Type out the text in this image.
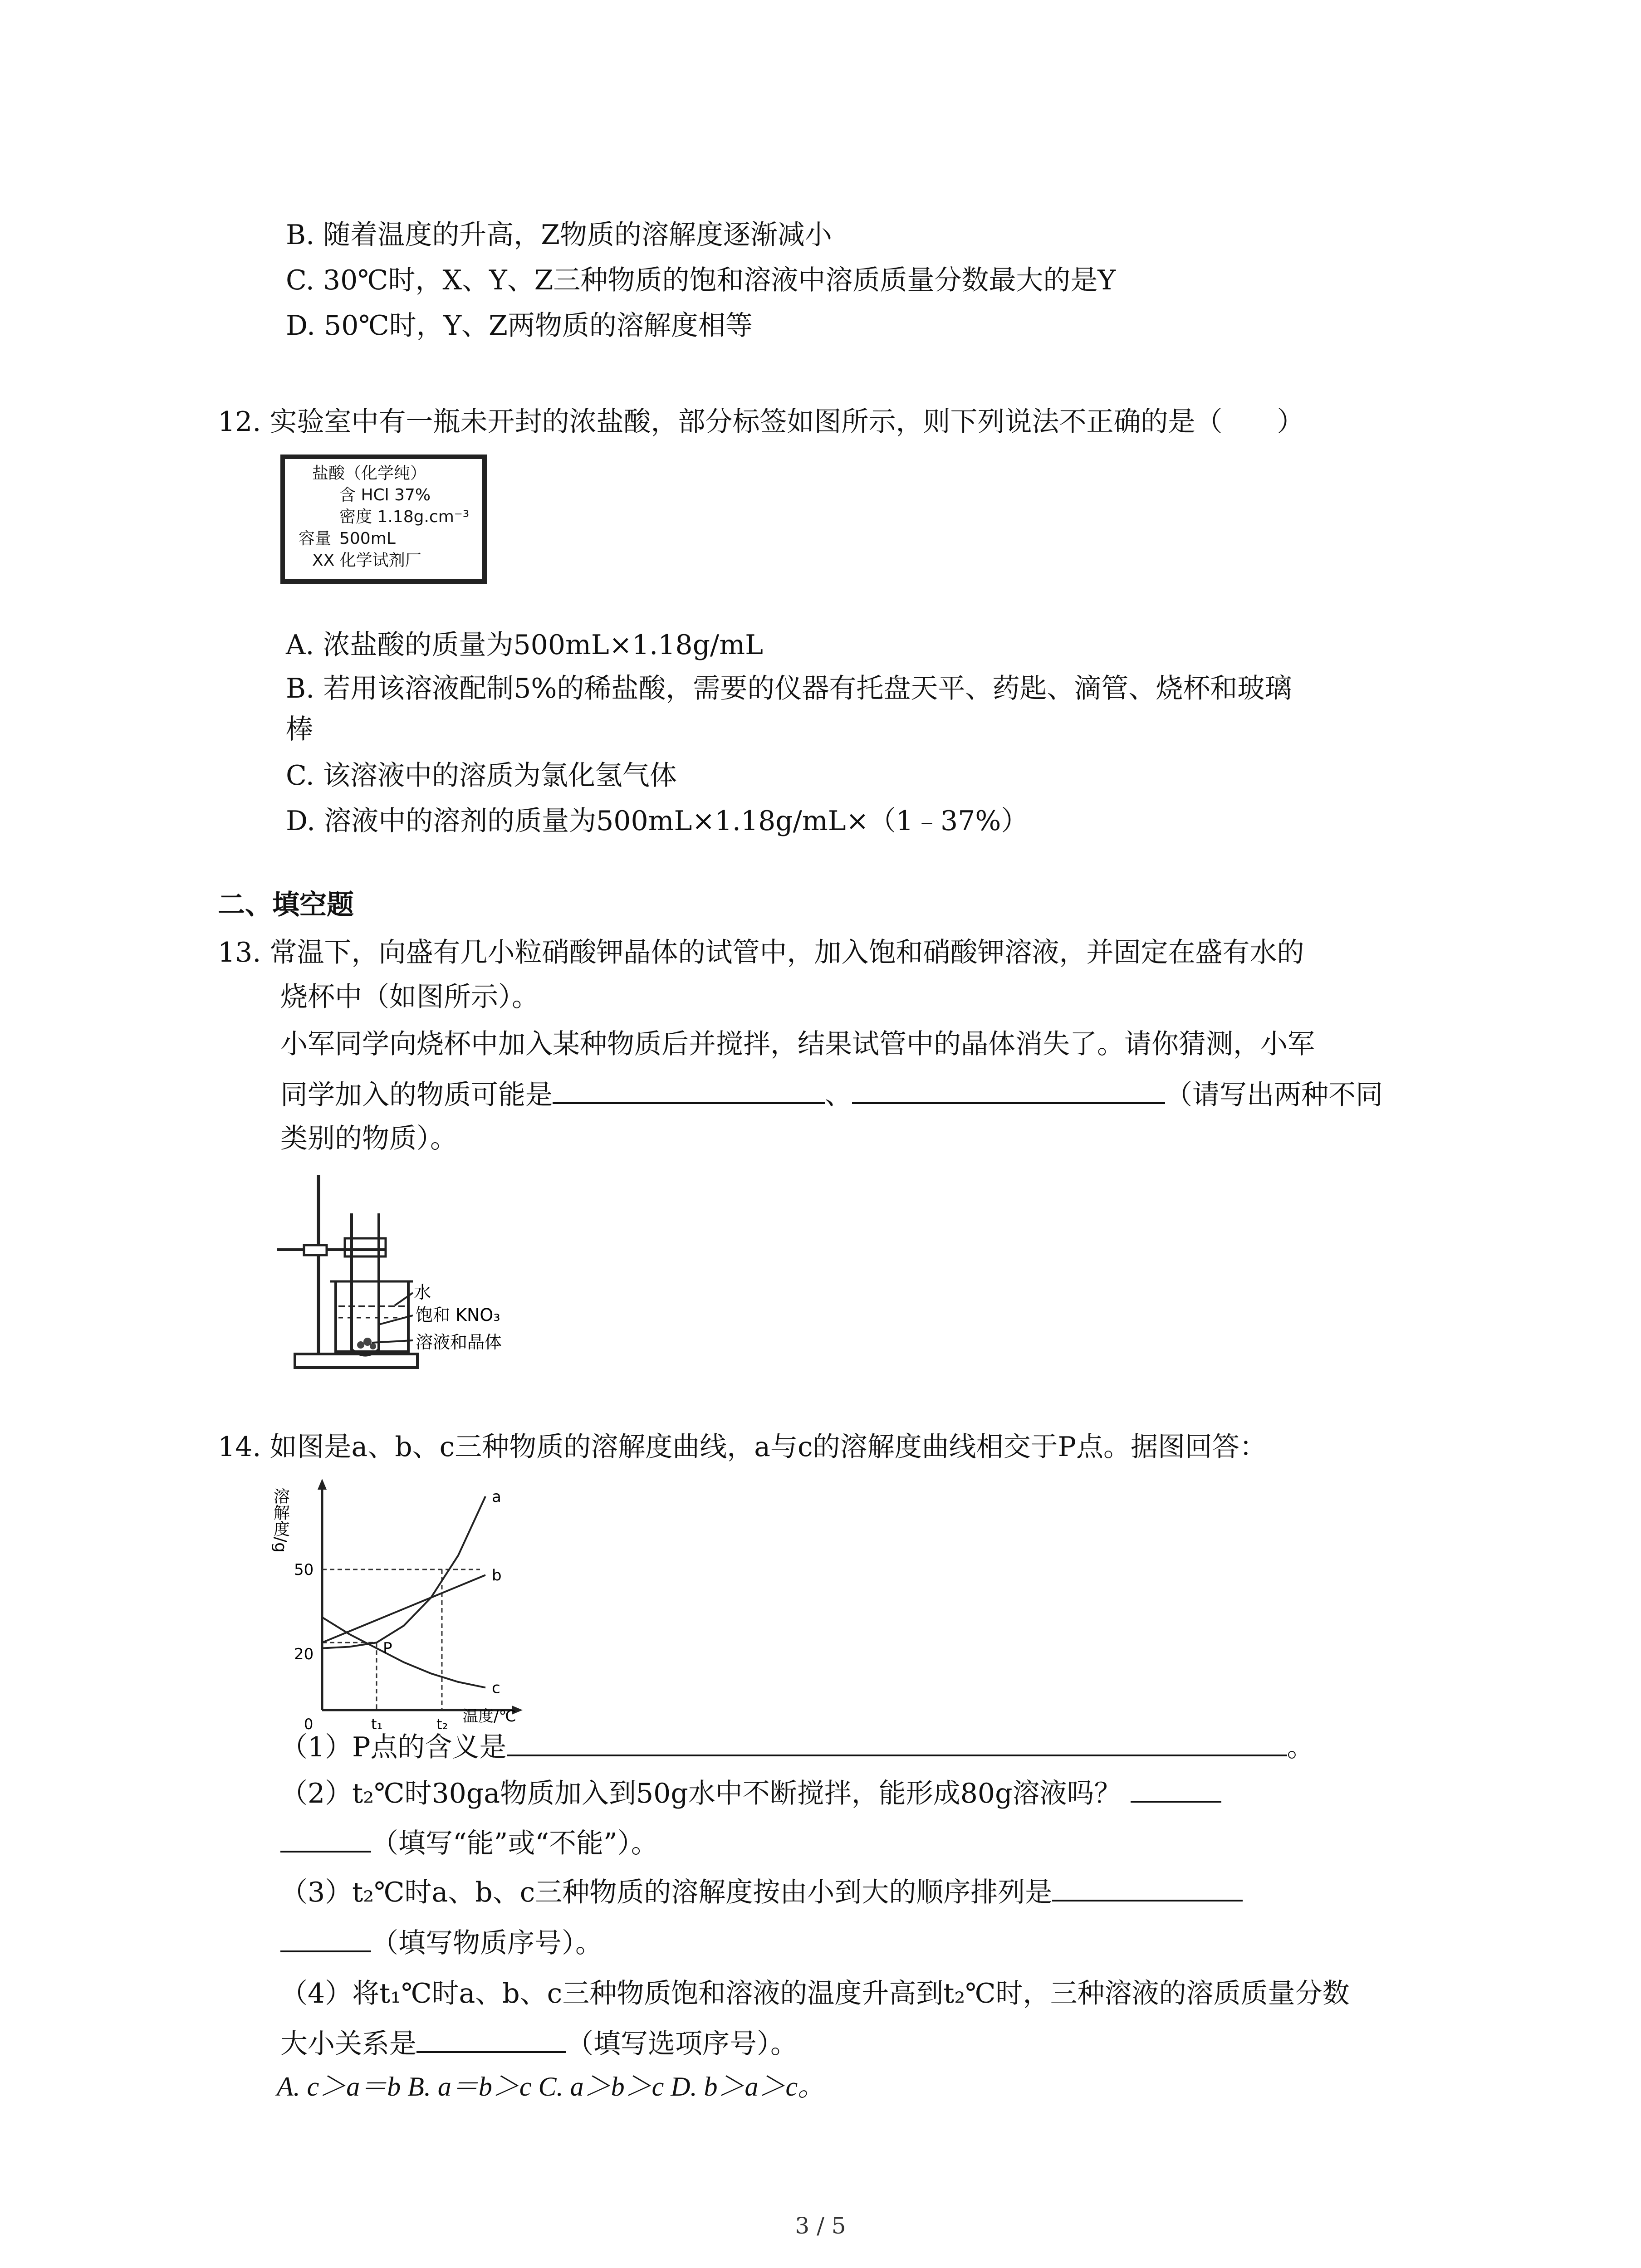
B. 随着温度的升高，Z物质的溶解度逐渐减小
C. 30℃时，X、Y、Z三种物质的饱和溶液中溶质质量分数最大的是Y
D. 50℃时，Y、Z两物质的溶解度相等
12. 实验室中有一瓶未开封的浓盐酸，部分标签如图所示，则下列说法不正确的是（　　）
盐酸（化学纯）
含 HCl 37%
密度 1.18g.cm⁻³
容量 500mL
XX 化学试剂厂
A. 浓盐酸的质量为500mL×1.18g/mL
B. 若用该溶液配制5%的稀盐酸，需要的仪器有托盘天平、药匙、滴管、烧杯和玻璃
棒
C. 该溶液中的溶质为氯化氢气体
D. 溶液中的溶剂的质量为500mL×1.18g/mL×（1﹣37%）
二、填空题
13. 常温下，向盛有几小粒硝酸钾晶体的试管中，加入饱和硝酸钾溶液，并固定在盛有水的
烧杯中（如图所示）。
小军同学向烧杯中加入某种物质后并搅拌，结果试管中的晶体消失了。请你猜测，小军
同学加入的物质可能是	、	（请写出两种不同
类别的物质）。
水
饱和 KNO₃
溶液和晶体
14. 如图是a、b、c三种物质的溶解度曲线，a与c的溶解度曲线相交于P点。据图回答：
溶解度/g	a
b
c
P
20
50
0	t₁	t₂ 温度/℃
（1）P点的含义是	。
（2）t₂℃时30ga物质加入到50g水中不断搅拌，能形成80g溶液吗？
（填写“能”或“不能”）。
（3）t₂℃时a、b、c三种物质的溶解度按由小到大的顺序排列是
（填写物质序号）。
（4）将t₁℃时a、b、c三种物质饱和溶液的温度升高到t₂℃时，三种溶液的溶质质量分数
大小关系是	（填写选项序号）。
A. c＞a＝b B. a＝b＞c C. a＞b＞c D. b＞a＞c。
3 / 5
